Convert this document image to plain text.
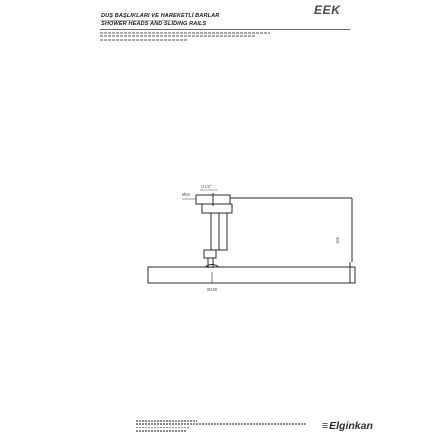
DUŞ BAŞLIKLARI VE HAREKETLİ BARLAR
SHOWER HEADS AND SLIDING RAILS
EEK
G1/2"
Ø65
166
Ø400
≡Elginkan
